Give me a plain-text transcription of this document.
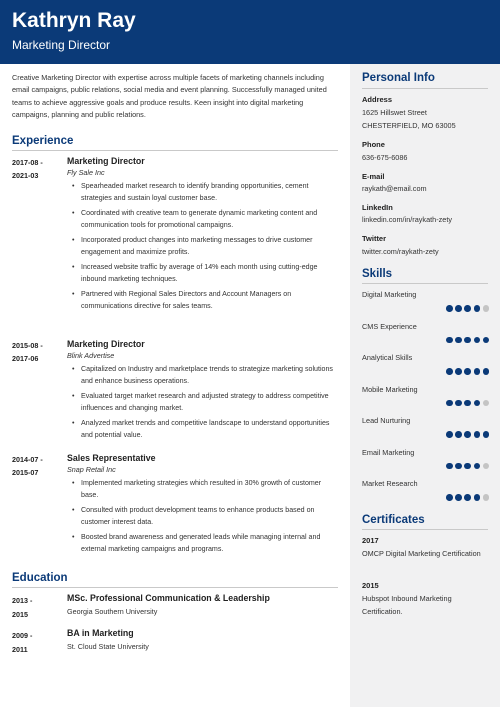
Kathryn Ray
Marketing Director

Creative Marketing Director with expertise across multiple facets of marketing channels including email campaigns, public relations, social media and event planning. Successfully managed united teams to achieve aggressive goals and produce results. Keen insight into digital marketing campaigns, planning and public relations.

Experience
2017-08 -
2021-03
Marketing Director
Fly Sale Inc
• Spearheaded market research to identify branding opportunities, cement strategies and sustain loyal customer base.
• Coordinated with creative team to generate dynamic marketing content and communication tools for promotional campaigns.
• Incorporated product changes into marketing messages to drive customer engagement and maximize profits.
• Increased website traffic by average of 14% each month using cutting-edge inbound marketing techniques.
• Partnered with Regional Sales Directors and Account Managers on communications directive for sales teams.
2015-08 -
2017-06
Marketing Director
Blink Advertise
• Capitalized on Industry and marketplace trends to strategize marketing solutions and enhance business operations.
• Evaluated target market research and adjusted strategy to address competitive influences and changing market.
• Analyzed market trends and competitive landscape to understand opportunities and potential value.
2014-07 -
2015-07
Sales Representative
Snap Retail Inc
• Implemented marketing strategies which resulted in 30% growth of customer base.
• Consulted with product development teams to enhance products based on customer interest data.
• Boosted brand awareness and generated leads while managing internal and external marketing campaigns and programs.
Education
2013 -
2015
MSc. Professional Communication & Leadership
Georgia Southern University
2009 -
2011
BA in Marketing
St. Cloud State University
Personal Info
Address
1625 Hillswet Street
CHESTERFIELD, MO 63005
Phone
636-675-6086
E-mail
raykath@email.com
LinkedIn
linkedin.com/in/raykath-zety
Twitter
twitter.com/raykath-zety
Skills
Digital Marketing
CMS Experience
Analytical Skills
Mobile Marketing
Lead Nurturing
Email Marketing
Market Research
Certificates
2017
OMCP Digital Marketing Certification
2015
Hubspot Inbound Marketing Certification.
